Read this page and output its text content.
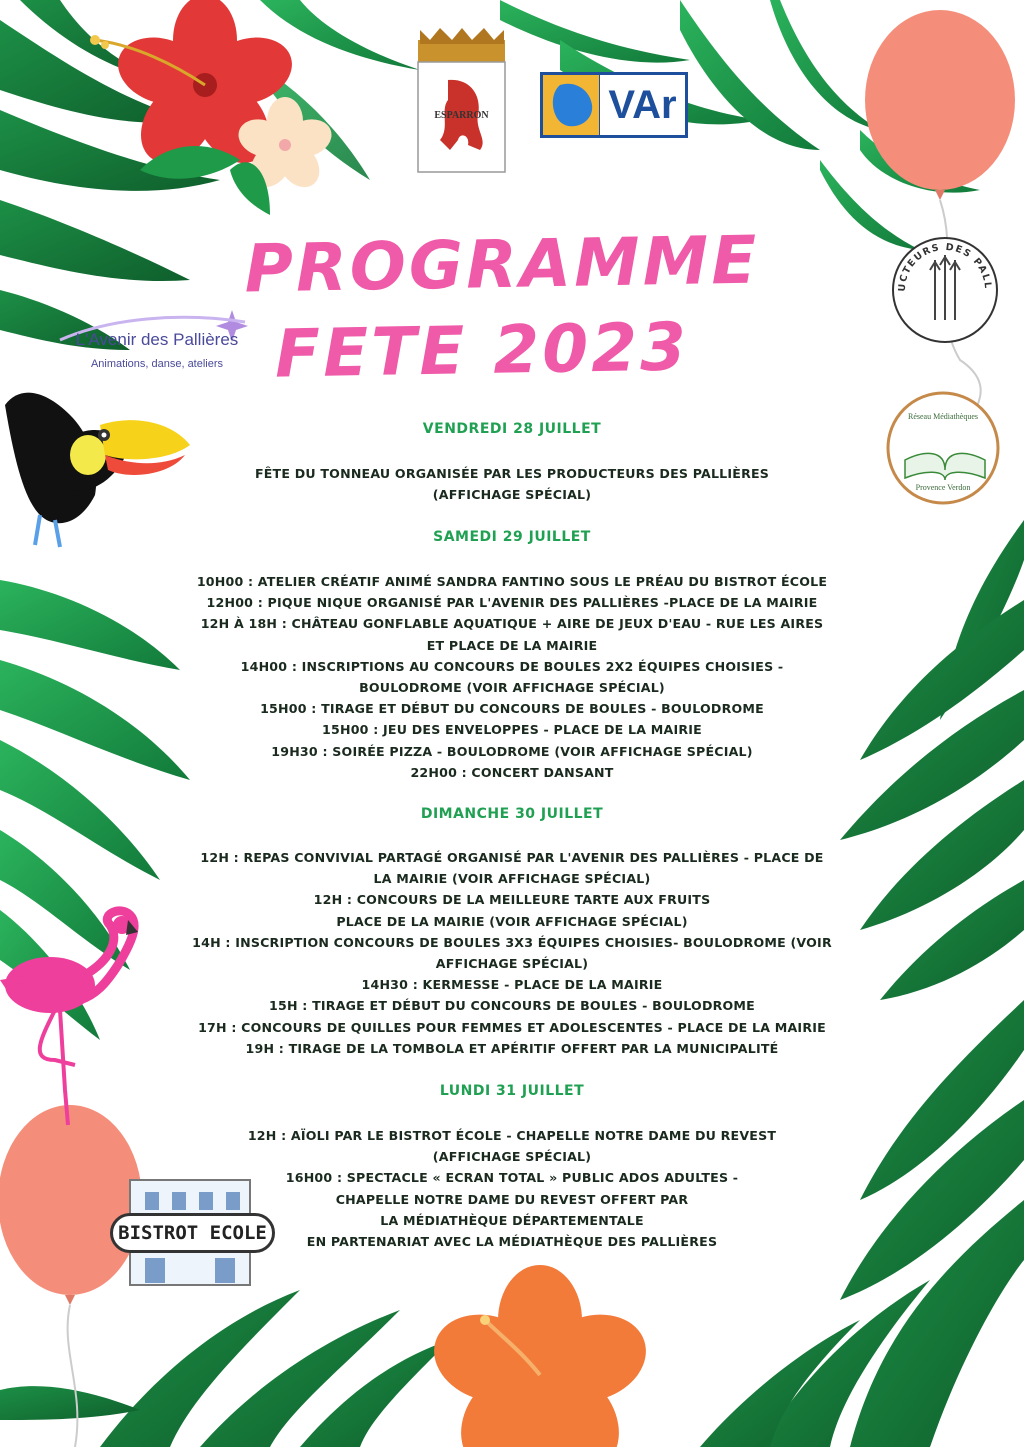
ESPARRON	VAr
UCTEURS DES PALL
Réseau Médiathèques
Provence Verdon
L'Avenir des Pallières
Animations, danse, ateliers
BISTROT ECOLE
PROGRAMME
FETE 2023
VENDREDI 28 JUILLET
FÊTE DU TONNEAU ORGANISÉE PAR LES PRODUCTEURS DES PALLIÈRES
(AFFICHAGE SPÉCIAL)
SAMEDI 29 JUILLET
10H00 : ATELIER CRÉATIF ANIMÉ SANDRA FANTINO SOUS LE PRÉAU DU BISTROT ÉCOLE
12H00 : PIQUE NIQUE ORGANISÉ PAR L'AVENIR DES PALLIÈRES -PLACE DE LA MAIRIE
12H À 18H : CHÂTEAU GONFLABLE AQUATIQUE + AIRE DE JEUX D'EAU - RUE LES AIRES
ET PLACE DE LA MAIRIE
14H00 : INSCRIPTIONS AU CONCOURS DE BOULES 2X2 ÉQUIPES CHOISIES -
BOULODROME (VOIR AFFICHAGE SPÉCIAL)
15H00 : TIRAGE ET DÉBUT DU CONCOURS DE BOULES - BOULODROME
15H00 : JEU DES ENVELOPPES - PLACE DE LA MAIRIE
19H30 : SOIRÉE PIZZA - BOULODROME (VOIR AFFICHAGE SPÉCIAL)
22H00 : CONCERT DANSANT
DIMANCHE 30 JUILLET
12H : REPAS CONVIVIAL PARTAGÉ ORGANISÉ PAR L'AVENIR DES PALLIÈRES - PLACE DE
LA MAIRIE (VOIR AFFICHAGE SPÉCIAL)
12H : CONCOURS DE LA MEILLEURE TARTE AUX FRUITS
PLACE DE LA MAIRIE (VOIR AFFICHAGE SPÉCIAL)
14H : INSCRIPTION CONCOURS DE BOULES 3X3 ÉQUIPES CHOISIES- BOULODROME (VOIR
AFFICHAGE SPÉCIAL)
14H30 : KERMESSE - PLACE DE LA MAIRIE
15H : TIRAGE ET DÉBUT DU CONCOURS DE BOULES - BOULODROME
17H : CONCOURS DE QUILLES POUR FEMMES ET ADOLESCENTES - PLACE DE LA MAIRIE
19H : TIRAGE DE LA TOMBOLA ET APÉRITIF OFFERT PAR LA MUNICIPALITÉ
LUNDI 31 JUILLET
12H : AÏOLI PAR LE BISTROT ÉCOLE - CHAPELLE NOTRE DAME DU REVEST
(AFFICHAGE SPÉCIAL)
16H00 : SPECTACLE « ECRAN TOTAL » PUBLIC ADOS ADULTES -
CHAPELLE NOTRE DAME DU REVEST OFFERT PAR
LA MÉDIATHÈQUE DÉPARTEMENTALE
EN PARTENARIAT AVEC LA MÉDIATHÈQUE DES PALLIÈRES
